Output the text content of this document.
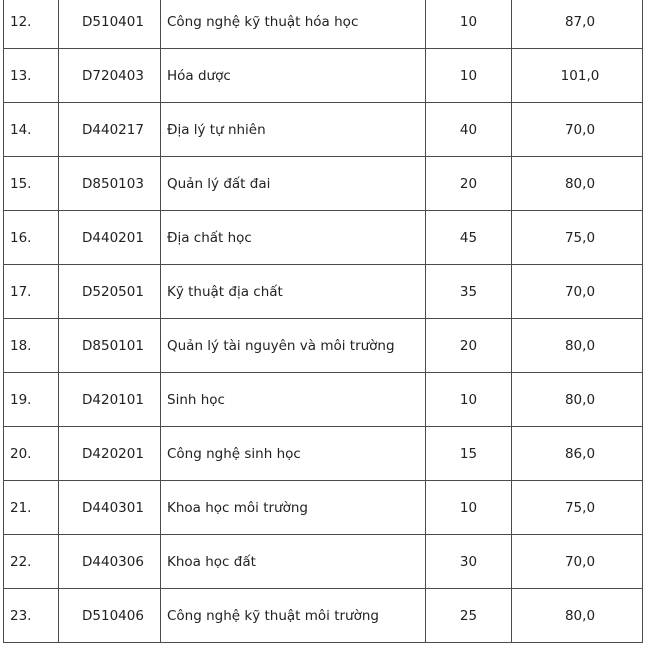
12.	D510401	Công nghệ kỹ thuật hóa học	10	87,0
13.	D720403	Hóa dược	10	101,0
14.	D440217	Địa lý tự nhiên	40	70,0
15.	D850103	Quản lý đất đai	20	80,0
16.	D440201	Địa chất học	45	75,0
17.	D520501	Kỹ thuật địa chất	35	70,0
18.	D850101	Quản lý tài nguyên và môi trường	20	80,0
19.	D420101	Sinh học	10	80,0
20.	D420201	Công nghệ sinh học	15	86,0
21.	D440301	Khoa học môi trường	10	75,0
22.	D440306	Khoa học đất	30	70,0
23.	D510406	Công nghệ kỹ thuật môi trường	25	80,0
